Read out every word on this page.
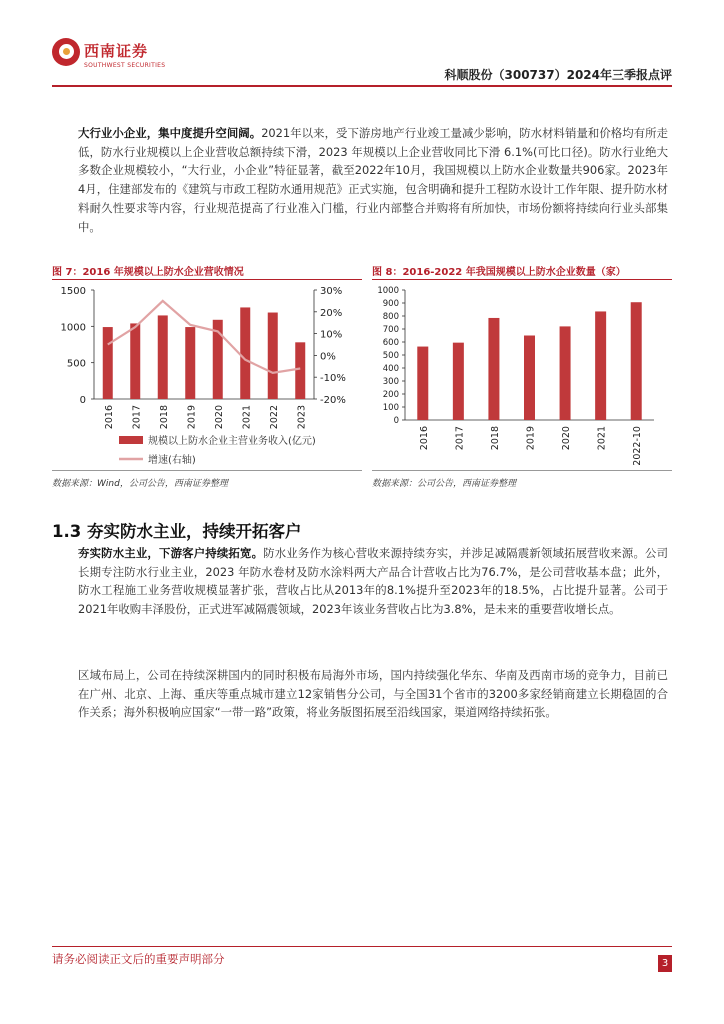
西南证券
SOUTHWEST SECURITIES
科顺股份（300737）2024年三季报点评
大行业小企业，集中度提升空间阔。2021年以来，受下游房地产行业竣工量减少影响，防水材料销量和价格均有所走低，防水行业规模以上企业营收总额持续下滑，2023 年规模以上企业营收同比下滑 6.1%(可比口径)。防水行业绝大多数企业规模较小，“大行业，小企业”特征显著，截至2022年10月，我国规模以上防水企业数量共906家。2023年4月，住建部发布的《建筑与市政工程防水通用规范》正式实施，包含明确和提升工程防水设计工作年限、提升防水材料耐久性要求等内容，行业规范提高了行业准入门槛，行业内部整合并购将有所加快，市场份额将持续向行业头部集中。
图 7：2016 年规模以上防水企业营收情况	图 8：2016-2022 年我国规模以上防水企业数量（家）
0
500
1000
1500
-20%
-10%
0%
10%
20%
30%
2016 2017 2018 2019 2020 2021 2022 2023
规模以上防水企业主营业务收入(亿元)
增速(右轴)
0
100
200
300
400
500
600
700
800
900
1000
2016	2017	2018	2019	2020	2021	2022-10
数据来源：Wind，公司公告，西南证券整理	数据来源：公司公告，西南证券整理
1.3 夯实防水主业，持续开拓客户
夯实防水主业，下游客户持续拓宽。防水业务作为核心营收来源持续夯实，并涉足减隔震新领域拓展营收来源。公司长期专注防水行业主业，2023 年防水卷材及防水涂料两大产品合计营收占比为76.7%，是公司营收基本盘；此外，防水工程施工业务营收规模显著扩张，营收占比从2013年的8.1%提升至2023年的18.5%，占比提升显著。公司于2021年收购丰泽股份，正式进军减隔震领域，2023年该业务营收占比为3.8%，是未来的重要营收增长点。
区域布局上，公司在持续深耕国内的同时积极布局海外市场，国内持续强化华东、华南及西南市场的竞争力，目前已在广州、北京、上海、重庆等重点城市建立12家销售分公司，与全国31个省市的3200多家经销商建立长期稳固的合作关系；海外积极响应国家“一带一路”政策，将业务版图拓展至沿线国家，渠道网络持续拓张。
请务必阅读正文后的重要声明部分	3
